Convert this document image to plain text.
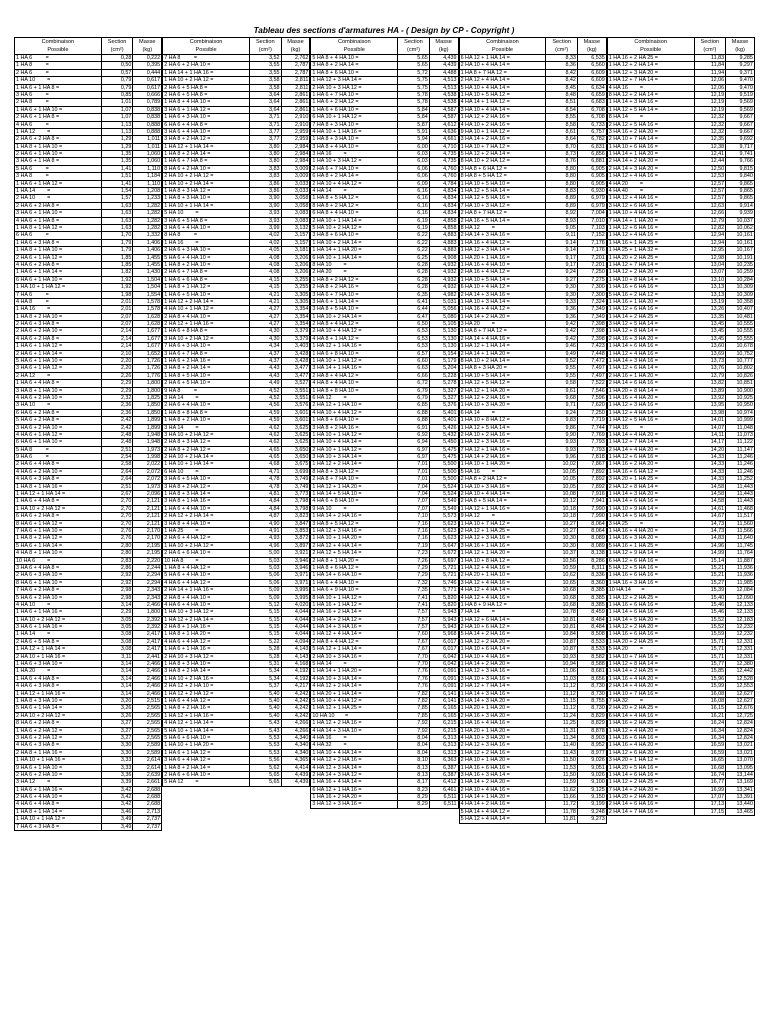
Tableau des sections d'armatures HA - ( Design by CP - Copyright )
Combinaison
Possible
Section
(cm²)
Masse
(kg)
1 HA 6         =	0,28	0,222
1 HA 8         =	0,50	0,395
2 HA 6         =	0,57	0,444
1 HA 10        =	0,79	0,617
1 HA 6 + 1 HA 8 =	0,79	0,617
3 HA 6         =	0,85	0,666
2 HA 8         =	1,01	0,789
1 HA 6 + 1 HA 10 =	1,07	0,838
2 HA 6 + 1 HA 8 =	1,07	0,838
4 HA 6         =	1,13	0,888
1 HA 12        =	1,13	0,888
2 HA 6 + 2 HA 8 =	1,29	1,011
1 HA 8 + 1 HA 10 =	1,29	1,011
2 HA 6 + 1 HA 10 =	1,35	1,060
3 HA 6 + 1 HA 8 =	1,35	1,060
5 HA 6         =	1,41	1,110
3 HA 8         =	1,51	1,184
1 HA 6 + 1 HA 12 =	1,41	1,110
1 HA 14        =	1,54	1,208
2 HA 10        =	1,57	1,233
2 HA 6 + 2 HA 8 =	1,63	1,282
3 HA 6 + 1 HA 10 =	1,63	1,282
4 HA 6 + 1 HA 8 =	1,63	1,282
1 HA 8 + 1 HA 12 =	1,63	1,282
6 HA 6         =	1,70	1,332
1 HA 6 + 3 HA 8 =	1,79	1,406
1 HA 8 + 1 HA 10 =	1,79	1,406
2 HA 6 + 1 HA 12 =	1,85	1,455
4 HA 6 + 2 HA 8 =	1,85	1,455
1 HA 6 + 1 HA 14 =	1,82	1,430
6 HA 6 + 1 HA 10 =	1,92	1,504
1 HA 10 + 1 HA 12 =	1,92	1,504
7 HA 6         =	1,98	1,554
4 HA 8         =	2,01	1,578
1 HA 16        =	2,01	1,578
1 HA 8 + 2 HA 10 =	2,07	1,628
2 HA 6 + 3 HA 8 =	2,07	1,628
2 HA 6 + 2 HA 10 =	2,14	1,677
4 HA 6 + 2 HA 8 =	2,14	1,677
1 HA 6 + 1 HA 12 =	2,14	1,677
2 HA 6 + 1 HA 14 =	2,10	1,652
5 HA 6 + 1 HA 10 =	2,20	1,726
3 HA 6 + 1 HA 12 =	2,20	1,726
2 HA 12        =	2,26	1,776
1 HA 6 + 4 HA 8 =	2,29	1,800
3 HA 8 + 1 HA 10 =	2,29	1,800
4 HA 6 + 2 HA 10 =	2,32	1,825
3 HA 10        =	2,36	1,850
6 HA 6 + 2 HA 8 =	2,36	1,850
5 HA 6 + 2 HA 8 =	2,42	1,899
3 HA 6 + 2 HA 10 =	2,42	1,899
4 HA 6 + 1 HA 12 =	2,48	1,948
6 HA 6 + 1 HA 10 =	2,48	1,948
5 HA 8         =	2,51	1,973
9 HA 6         =	2,54	1,998
2 HA 6 + 4 HA 8 =	2,58	2,022
4 HA 6 + 2 HA 10 =	2,64	2,072
4 HA 6 + 3 HA 8 =	2,64	2,072
1 HA 8 + 1 HA 16 =	2,51	1,973
1 HA 12 + 1 HA 14 =	2,67	2,096
1 HA 6 + 4 HA 8 =	2,70	2,121
1 HA 10 + 2 HA 12 =	2,70	2,121
6 HA 6 + 2 HA 8 =	2,70	2,121
8 HA 6 + 1 HA 12 =	2,70	2,121
7 HA 6 + 1 HA 10 =	2,76	2,170
1 HA 8 + 2 HA 12 =	2,76	2,170
5 HA 6 + 1 HA 14 =	2,80	2,195
4 HA 8 + 1 HA 10 =	2,80	2,195
10 HA 6        =	2,83	2,220
3 HA 6 + 4 HA 8 =	2,86	2,244
2 HA 6 + 3 HA 10 =	2,92	2,294
8 HA 6 + 1 HA 10 =	2,92	2,294
7 HA 6 + 2 HA 8 =	2,98	2,343
5 HA 6 + 2 HA 10 =	2,98	2,343
4 HA 10        =	3,14	2,466
1 HA 6 + 1 HA 16 =	2,29	1,800
1 HA 10 + 2 HA 12 =	3,05	2,392
3 HA 6 + 1 HA 16 =	3,05	2,392
1 HA 14        =	3,08	2,417
2 HA 6 + 5 HA 8 =	3,08	2,417
1 HA 12 + 1 HA 14 =	3,08	2,417
2 HA 10 + 1 HA 16 =	3,11	2,441
1 HA 6 + 3 HA 10 =	3,14	2,466
1 HA 20        =	3,14	2,466
1 HA 6 + 4 HA 8 =	3,14	2,466
4 HA 6 + 3 HA 8 =	3,14	2,466
1 HA 12 + 1 HA 16 =	3,14	2,466
1 HA 8 + 3 HA 10 =	3,20	2,515
5 HA 6 + 1 HA 14 =	3,26	2,565
2 HA 10 + 2 HA 12 =	3,26	2,565
8 HA 6 + 2 HA 8 =	3,27	2,565
1 HA 6 + 2 HA 12 =	3,27	2,565
3 HA 6 + 2 HA 12 =	3,27	2,565
4 HA 6 + 3 HA 8 =	3,30	2,589
2 HA 8 + 1 HA 16 =	3,30	2,589
1 HA 10 + 1 HA 16 =	3,33	2,614
9 HA 6 + 1 HA 10 =	3,33	2,614
2 HA 6 + 2 HA 10 =	3,36	2,639
3 HA 12        =	3,39	2,661
1 HA 6 + 1 HA 16 =	3,42	2,688
2 HA 6 + 4 HA 10 =	3,42	2,688
4 HA 6 + 4 HA 8 =	3,42	2,688
1 HA 8 + 1 HA 14 =	3,46	2,713
1 HA 10 + 1 HA 12 =	3,49	2,737
7 HA 6 + 3 HA 8 =	3,49	2,737
Combinaison
Possible
Section
(cm²)
Masse
(kg)
7 HA 8         =	3,52	2,762
2 HA 6 + 2 HA 10 =	3,55	2,787
1 HA 14 + 1 HA 16 =	3,55	2,787
1 HA 10 + 2 HA 12 =	3,58	2,811
2 HA 6 + 5 HA 8 =	3,58	2,811
2 HA 6 + 5 HA 8 =	3,64	2,861
1 HA 8 + 4 HA 10 =	3,64	2,861
3 HA 6 + 1 HA 12 =	3,64	2,861
1 HA 6 + 3 HA 10 =	3,71	2,910
6 HA 6 + 4 HA 8 =	3,71	2,910
3 HA 6 + 4 HA 10 =	3,77	2,959
3 HA 8 + 2 HA 12 =	3,77	2,959
1 HA 12 + 1 HA 14 =	3,80	2,984
1 HA 8 + 2 HA 14 =	3,80	2,984
1 HA 6 + 7 HA 8 =	3,80	2,984
8 HA 6 + 2 HA 10 =	3,83	3,009
2 HA 10 + 2 HA 12 =	3,83	3,009
1 HA 10 + 2 HA 14 =	3,86	3,033
1 HA 8 + 3 HA 12 =	3,86	3,033
1 HA 8 + 3 HA 10 =	3,90	3,058
1 HA 10 + 1 HA 14 =	3,90	3,058
5 HA 10        =	3,93	3,083
3 HA 6 + 5 HA 8 =	3,93	3,083
3 HA 6 + 4 HA 10 =	3,99	3,132
8 HA 8         =	4,02	3,157
1 HA 16        =	4,02	3,157
2 HA 6 + 3 HA 10 =	4,05	3,181
5 HA 6 + 4 HA 10 =	4,08	3,206
1 HA 8 + 2 HA 10 =	4,08	3,206
2 HA 6 + 7 HA 8 =	4,08	3,206
1 HA 6 + 6 HA 8 =	4,15	3,255
1 HA 8 + 1 HA 12 =	4,15	3,255
1 HA 6 + 5 HA 10 =	4,21	3,305
1 HA 12 + 2 HA 14 =	4,21	3,305
4 HA 10 + 1 HA 12 =	4,27	3,354
2 HA 8 + 4 HA 10 =	4,27	3,354
2 HA 12 + 1 HA 16 =	4,27	3,354
1 HA 6 + 8 HA 8 =	4,30	3,379
3 HA 10 + 2 HA 12 =	4,30	3,379
7 HA 6 + 3 HA 10 =	4,34	3,403
3 HA 6 + 7 HA 8 =	4,37	3,428
1 HA 6 + 2 HA 16 =	4,37	3,428
3 HA 8 + 2 HA 14 =	4,43	3,477
1 HA 8 + 5 HA 10 =	4,43	3,477
2 HA 6 + 5 HA 10 =	4,49	3,527
9 HA 8         =	4,52	3,551
3 HA 14        =	4,52	3,551
2 HA 6 + 4 HA 10 =	4,56	3,576
1 HA 8 + 8 HA 8 =	4,59	3,601
1 HA 8 + 2 HA 10 =	4,59	3,601
3 HA 14        =	4,62	3,625
3 HA 10 + 2 HA 12 =	4,62	3,625
2 HA 8 + 3 HA 12 =	4,62	3,625
2 HA 8 + 2 HA 12 =	4,65	3,650
2 HA 10 + 2 HA 14 =	4,65	3,650
1 HA 10 + 1 HA 14 =	4,68	3,675
6 HA 10        =	4,71	3,699
3 HA 6 + 5 HA 10 =	4,78	3,749
3 HA 8 + 2 HA 12 =	4,78	3,749
1 HA 8 + 3 HA 14 =	4,81	3,773
3 HA 8 + 1 HA 16 =	4,84	3,798
1 HA 6 + 4 HA 10 =	4,84	3,798
2 HA 12 + 2 HA 14 =	4,87	3,823
3 HA 8 + 4 HA 10 =	4,90	3,847
1 HA 25        =	4,91	3,853
2 HA 6 + 4 HA 12 =	4,93	3,872
1 HA 10 + 2 HA 12 =	4,96	3,897
2 HA 6 + 6 HA 10 =	5,00	3,921
10 HA 8        =	5,03	3,946
1 HA 8 + 4 HA 12 =	5,03	3,946
5 HA 6 + 4 HA 10 =	5,06	3,971
4 HA 6 + 4 HA 12 =	5,06	3,971
2 HA 14 + 1 HA 16 =	5,09	3,995
2 HA 8 + 4 HA 10 =	5,09	3,995
4 HA 6 + 4 HA 10 =	5,12	4,020
1 HA 10 + 3 HA 12 =	5,15	4,044
1 HA 12 + 2 HA 14 =	5,15	4,044
2 HA 8 + 1 HA 16 =	5,15	4,044
1 HA 8 + 1 HA 20 =	5,15	4,044
4 HA 6 + 4 HA 12 =	5,22	4,094
1 HA 6 + 1 HA 16 =	5,28	4,143
2 HA 10 + 3 HA 12 =	5,28	4,143
1 HA 8 + 3 HA 10 =	5,31	4,168
3 HA 8 + 2 HA 14 =	5,34	4,192
1 HA 10 + 2 HA 16 =	5,34	4,192
2 HA 12 + 2 HA 10 =	5,37	4,217
1 HA 12 + 2 HA 12 =	5,40	4,242
1 HA 6 + 4 HA 12 =	5,40	4,242
1 HA 8 + 2 HA 16 =	5,40	4,242
1 HA 12 + 1 HA 16 =	5,40	4,242
4 HA 12 + 1 HA 14 =	5,43	4,266
5 HA 10 + 1 HA 14 =	5,43	4,266
5 HA 6 + 6 HA 10 =	5,53	4,340
1 HA 10 + 1 HA 20 =	5,53	4,340
1 HA 6 + 1 HA 12 =	5,53	4,340
3 HA 6 + 4 HA 12 =	5,56	4,365
1 HA 8 + 2 HA 14 =	5,62	4,414
2 HA 6 + 6 HA 10 =	5,65	4,439
5 HA 12        =	5,65	4,439
Combinaison
Possible
Section
(cm²)
Masse
(kg)
5 HA 8 + 4 HA 10 =	5,65	4,439
3 HA 8 + 2 HA 14 =	5,65	4,439
1 HA 8 + 6 HA 10 =	5,72	4,488
1 HA 12 + 3 HA 14 =	5,75	4,513
2 HA 10 + 3 HA 12 =	5,75	4,513
1 HA 6 + 7 HA 10 =	5,78	4,538
1 HA 6 + 2 HA 12 =	5,78	4,538
1 HA 6 + 6 HA 10 =	5,84	4,587
6 HA 10 + 1 HA 12 =	5,84	4,587
7 HA 8 + 3 HA 10 =	5,87	4,612
4 HA 10 + 1 HA 16 =	5,91	4,636
1 HA 8 + 3 HA 10 =	5,94	4,661
3 HA 8 + 4 HA 10 =	6,00	4,710
3 HA 16        =	6,03	4,735
1 HA 10 + 3 HA 12 =	6,03	4,735
2 HA 6 + 7 HA 10 =	6,06	4,760
6 HA 8 + 2 HA 14 =	6,06	4,760
2 HA 10 + 4 HA 12 =	6,09	4,784
4 HA 14        =	6,16	4,834
1 HA 8 + 5 HA 12 =	6,16	4,834
8 HA 8 + 2 HA 12 =	6,16	4,834
6 HA 8 + 4 HA 10 =	6,16	4,834
2 HA 10 + 1 HA 14 =	6,19	4,858
5 HA 10 + 2 HA 12 =	6,19	4,858
3 HA 8 + 6 HA 10 =	6,22	4,883
1 HA 10 + 2 HA 14 =	6,22	4,883
1 HA 14 + 1 HA 20 =	6,22	4,883
6 HA 10 + 1 HA 14 =	6,25	4,908
8 HA 10        =	6,28	4,932
2 HA 20        =	6,28	4,932
1 HA 8 + 2 HA 12 =	6,28	4,932
2 HA 8 + 2 HA 16 =	6,28	4,932
3 HA 6 + 7 HA 10 =	6,35	4,982
3 HA 6 + 1 HA 14 =	6,41	5,031
3 HA 8 + 5 HA 10 =	6,44	5,056
1 HA 10 + 2 HA 14 =	6,47	5,080
2 HA 8 + 4 HA 12 =	6,50	5,105
2 HA 10 + 4 HA 12 =	6,53	5,130
4 HA 8 + 1 HA 12 =	6,53	5,130
1 HA 12 + 1 HA 16 =	6,53	5,130
1 HA 6 + 8 HA 10 =	6,57	5,154
1 HA 10 + 1 HA 12 =	6,60	5,179
3 HA 14 + 1 HA 16 =	6,63	5,204
2 HA 8 + 4 HA 12 =	6,66	5,228
4 HA 8 + 4 HA 10 =	6,72	5,278
1 HA 8 + 8 HA 10 =	6,79	5,327
6 HA 12        =	6,79	5,327
2 HA 12 + 1 HA 10 =	6,85	5,376
4 HA 10 + 4 HA 12 =	6,88	5,401
1 HA 8 + 6 HA 10 =	6,88	5,401
3 HA 8 + 2 HA 16 =	6,91	5,426
1 HA 10 + 1 HA 12 =	6,92	5,432
1 HA 10 + 4 HA 14 =	6,94	5,450
2 HA 10 + 1 HA 12 =	6,97	5,475
3 HA 10 + 3 HA 14 =	6,97	5,475
1 HA 12 + 2 HA 14 =	7,01	5,500
8 HA 8 + 3 HA 12 =	7,01	5,500
2 HA 8 + 7 HA 10 =	7,01	5,500
1 HA 12 + 1 HA 20 =	7,04	5,524
1 HA 14 + 5 HA 10 =	7,04	5,524
4 HA 6 + 8 HA 10 =	7,07	5,549
9 HA 10        =	7,07	5,549
1 HA 14 + 2 HA 16 =	7,10	5,573
3 HA 8 + 5 HA 12 =	7,16	5,623
1 HA 12 + 3 HA 16 =	7,16	5,623
1 HA 10 + 1 HA 20 =	7,16	5,623
2 HA 12 + 4 HA 14 =	7,19	5,647
2 HA 12 + 5 HA 14 =	7,23	5,672
2 HA 8 + 1 HA 20 =	7,26	5,697
1 HA 8 + 6 HA 12 =	7,29	5,721
1 HA 14 + 6 HA 10 =	7,29	5,721
1 HA 6 + 4 HA 10 =	7,32	5,746
1 HA 6 + 9 HA 10 =	7,35	5,771
8 HA 10 + 1 HA 12 =	7,41	5,820
1 HA 16 + 1 HA 12 =	7,41	5,820
2 HA 16 + 2 HA 14 =	7,57	5,943
3 HA 14 + 2 HA 12 =	7,57	5,943
1 HA 14 + 3 HA 16 =	7,57	5,943
1 HA 12 + 4 HA 14 =	7,60	5,968
2 HA 8 + 4 HA 12 =	7,67	6,017
5 HA 12 + 1 HA 14 =	7,67	6,017
2 HA 10 + 3 HA 16 =	7,70	6,042
5 HA 14        =	7,70	6,042
1 HA 14 + 1 HA 20 =	7,76	6,091
4 HA 10 + 3 HA 14 =	7,76	6,091
4 HA 12 + 2 HA 14 =	7,76	6,091
1 HA 20 + 1 HA 14 =	7,82	6,141
5 HA 10 + 4 HA 12 =	7,82	6,141
1 HA 12 + 1 HA 25 =	7,85	6,165
10 HA 10       =	7,85	6,165
1 HA 12 + 2 HA 16 =	7,92	6,215
4 HA 14 + 3 HA 10 =	7,92	6,215
4 HA 16        =	8,04	6,313
4 HA 32        =	8,04	6,313
1 HA 10 + 4 HA 14 =	8,04	6,313
4 HA 12 + 2 HA 16 =	8,10	6,363
4 HA 12 + 3 HA 14 =	8,13	6,387
2 HA 14 + 3 HA 12 =	8,13	6,387
1 HA 16 + 4 HA 14 =	8,17	6,412
6 HA 12 + 1 HA 16 =	8,23	6,461
1 HA 16 + 2 HA 20 =	8,29	6,511
3 HA 12 + 3 HA 16 =	8,29	6,511
Combinaison
Possible
Section
(cm²)
Masse
(kg)
6 HA 12 + 1 HA 14 =	8,33	6,535
2 HA 10 + 4 HA 14 =	8,36	6,560
1 HA 8 + 7 HA 12 =	8,42	6,609
2 HA 12 + 4 HA 14 =	8,42	6,609
5 HA 10 + 4 HA 14 =	8,45	6,634
1 HA 10 + 5 HA 12 =	8,48	6,659
4 HA 14 + 1 HA 12 =	8,51	6,683
3 HA 10 + 4 HA 14 =	8,54	6,708
1 HA 12 + 2 HA 16 =	8,55	6,708
4 HA 10 + 2 HA 16 =	8,58	6,733
9 HA 10 + 1 HA 12 =	8,61	6,757
3 HA 14 + 2 HA 16 =	8,64	6,782
1 HA 10 + 7 HA 12 =	8,70	6,831
5 HA 12 + 2 HA 14 =	8,73	6,856
8 HA 10 + 2 HA 12 =	8,76	6,881
3 HA 8 + 6 HA 12 =	8,80	6,905
8 HA 8 + 5 HA 12 =	8,80	6,905
1 HA 10 + 5 HA 10 =	8,80	6,905
1 HA 12 + 5 HA 14 =	8,83	6,930
1 HA 12 + 5 HA 16 =	8,89	6,979
7 HA 10 + 3 HA 12 =	8,89	6,979
2 HA 8 + 7 HA 12 =	8,92	7,004
2 HA 16 + 5 HA 14 =	8,93	7,010
8 HA 12        =	9,05	7,103
2 HA 14 + 3 HA 16 =	9,11	7,152
1 HA 16 + 4 HA 12 =	9,14	7,176
1 HA 12 + 3 HA 14 =	9,14	7,176
1 HA 20 + 1 HA 16 =	9,17	7,201
1 HA 16 + 4 HA 10 =	9,17	7,201
2 HA 16 + 4 HA 12 =	9,24	7,250
1 HA 10 + 5 HA 14 =	9,27	7,275
6 HA 10 + 4 HA 12 =	9,30	7,300
2 HA 14 + 3 HA 16 =	9,30	7,300
1 HA 10 + 3 HA 14 =	9,33	7,324
1 HA 16 + 4 HA 12 =	9,36	7,349
1 HA 14 + 2 HA 20 =	9,36	7,349
3 HA 20        =	9,42	7,398
1 HA 8 + 7 HA 12 =	9,42	7,398
2 HA 14 + 4 HA 16 =	9,42	7,398
1 HA 12 + 1 HA 14 =	9,46	7,423
2 HA 14 + 1 HA 20 =	9,49	7,448
8 HA 10 + 2 HA 14 =	9,52	7,472
1 HA 8 + 3 HA 20 =	9,55	7,497
1 HA 10 + 5 HA 14 =	9,55	7,497
1 HA 12 + 5 HA 12 =	9,58	7,522
2 HA 12 + 1 HA 20 =	9,61	7,546
5 HA 12 + 2 HA 16 =	9,68	7,596
1 HA 10 + 3 HA 20 =	9,71	7,620
6 HA 14        =	9,24	7,250
1 HA 10 + 8 HA 12 =	9,83	7,719
1 HA 12 + 5 HA 14 =	9,86	7,744
2 HA 10 + 2 HA 16 =	9,90	7,769
1 HA 12 + 3 HA 16 =	9,93	7,793
7 HA 12 + 1 HA 16 =	9,93	7,793
1 HA 14 + 2 HA 16 =	9,96	7,818
1 HA 10 + 1 HA 20 =	10,02	7,867
5 HA 16        =	10,05	7,892
2 HA 8 + 2 HA 12 =	10,05	7,892
1 HA 10 + 3 HA 16 =	10,05	7,892
2 HA 10 + 4 HA 14 =	10,08	7,916
2 HA 8 + 5 HA 14 =	10,12	7,941
1 HA 12 + 1 HA 16 =	10,18	7,990
9 HA 12        =	10,18	7,990
1 HA 10 + 7 HA 12 =	10,27	8,064
2 HA 12 + 1 HA 25 =	10,27	8,064
2 HA 12 + 3 HA 16 =	10,30	8,089
3 HA 16 + 1 HA 16 =	10,30	8,089
1 HA 12 + 1 HA 20 =	10,37	8,138
1 HA 10 + 8 HA 12 =	10,56	8,286
1 HA 12 + 4 HA 16 =	10,59	8,311
2 HA 20 + 1 HA 10 =	10,62	8,336
3 HA 12 + 4 HA 16 =	10,65	8,360
4 HA 12 + 4 HA 14 =	10,68	8,385
4 HA 12 + 4 HA 16 =	10,68	8,385
1 HA 8 + 9 HA 12 =	10,68	8,385
7 HA 14        =	10,78	8,459
1 HA 12 + 6 HA 14 =	10,81	8,484
2 HA 10 + 6 HA 12 =	10,81	8,484
5 HA 14 + 2 HA 16 =	10,84	8,508
1 HA 12 + 2 HA 20 =	10,87	8,533
1 HA 10 + 6 HA 14 =	10,87	8,533
1 HA 10 + 4 HA 16 =	10,93	8,582
1 HA 14 + 2 HA 20 =	10,94	8,588
1 HA 12 + 3 HA 16 =	11,06	8,681
3 HA 10 + 3 HA 16 =	11,03	8,656
2 HA 12 + 7 HA 14 =	11,12	8,730
1 HA 14 + 3 HA 16 =	11,12	8,730
3 HA 14 + 3 HA 20 =	11,15	8,755
1 HA 20 + 1 HA 20 =	11,12	8,730
2 HA 16 + 3 HA 20 =	11,24	8,829
1 HA 16 + 4 HA 16 =	11,25	8,829
1 HA 20 + 1 HA 20 =	11,31	8,878
4 HA 10 + 3 HA 20 =	11,34	8,903
2 HA 12 + 3 HA 16 =	11,40	8,952
1 HA 12 + 2 HA 16 =	11,43	8,977
2 HA 10 + 1 HA 20 =	11,50	9,026
1 HA 16 + 6 HA 16 =	11,53	9,051
3 HA 16 + 3 HA 14 =	11,50	9,026
1 HA 14 + 2 HA 20 =	11,59	9,100
2 HA 10 + 4 HA 16 =	11,62	9,125
1 HA 14 + 1 HA 20 =	11,66	9,150
4 HA 14 + 2 HA 16 =	11,72	9,199
5 HA 14 + 4 HA 12 =	11,78	9,248
5 HA 12 + 4 HA 14 =	11,81	9,273
Combinaison
Possible
Section
(cm²)
Masse
(kg)
1 HA 16 + 2 HA 25 =	11,83	9,285
1 HA 12 + 2 HA 14 =	11,84	9,297
1 HA 12 + 3 HA 20 =	11,94	9,371
1 HA 12 + 7 HA 14 =	12,06	9,470
4 HA 16        =	12,06	9,470
8 HA 12 + 2 HA 14 =	12,19	9,519
1 HA 14 + 3 HA 16 =	12,19	9,569
1 HA 12 + 5 HA 14 =	12,19	9,569
8 HA 14        =	12,32	9,667
2 HA 12 + 5 HA 16 =	12,32	9,667
3 HA 16 + 2 HA 20 =	12,32	9,667
2 HA 10 + 7 HA 14 =	12,35	9,692
1 HA 10 + 6 HA 16 =	12,38	9,717
1 HA 14 + 1 HA 20 =	12,41	9,741
2 HA 14 + 2 HA 20 =	12,44	9,766
2 HA 14 + 3 HA 20 =	12,50	9,815
1 HA 12 + 4 HA 16 =	12,53	9,840
4 HA 20        =	12,57	9,865
4 HA 40        =	12,57	9,865
1 HA 12 + 4 HA 16 =	12,57	9,865
3 HA 12 + 6 HA 16 =	12,63	9,914
1 HA 10 + 4 HA 16 =	12,66	9,939
7 HA 14 + 1 HA 20 =	12,79	10,037
1 HA 12 + 6 HA 16 =	12,82	10,062
1 HA 12 + 4 HA 16 =	12,94	10,161
1 HA 16 + 1 HA 25 =	12,94	10,161
1 HA 25 + 1 HA 32 =	12,95	10,167
1 HA 20 + 2 HA 25 =	12,98	10,191
1 HA 12 + 7 HA 14 =	13,04	10,235
1 HA 12 + 2 HA 20 =	13,07	10,259
1 HA 10 + 8 HA 14 =	13,10	10,284
1 HA 16 + 6 HA 16 =	13,13	10,309
5 HA 16 + 2 HA 12 =	13,13	10,309
1 HA 16 + 1 HA 20 =	13,19	10,358
1 HA 12 + 6 HA 16 =	13,26	10,407
1 HA 14 + 2 HA 25 =	13,35	10,481
3 HA 12 + 5 HA 14 =	13,45	10,555
1 HA 12 + 8 HA 14 =	13,45	10,555
2 HA 16 + 3 HA 20 =	13,45	10,555
1 HA 14 + 6 HA 16 =	13,60	10,678
1 HA 12 + 4 HA 16 =	13,69	10,752
1 HA 14 + 3 HA 16 =	13,73	10,777
1 HA 12 + 6 HA 14 =	13,76	10,802
2 HA 16 + 1 HA 20 =	13,79	10,826
2 HA 14 + 6 HA 16 =	13,82	10,851
1 HA 20 + 8 HA 14 =	13,89	10,900
1 HA 16 + 4 HA 20 =	13,92	10,925
1 HA 12 + 3 HA 16 =	13,95	10,950
1 HA 12 + 4 HA 14 =	13,98	10,974
1 HA 12 + 5 HA 16 =	14,01	10,999
7 HA 16        =	14,07	11,048
1 HA 14 + 4 HA 20 =	14,11	11,073
1 HA 12 + 7 HA 14 =	14,17	11,122
2 HA 14 + 4 HA 20 =	14,20	11,147
1 HA 12 + 6 HA 16 =	14,33	11,246
1 HA 16 + 2 HA 20 =	14,33	11,246
1 HA 16 + 6 HA 12 =	14,33	11,246
3 HA 20 + 1 HA 25 =	14,33	11,252
2 HA 12 + 8 HA 14 =	14,58	11,443
1 HA 14 + 3 HA 20 =	14,58	11,443
1 HA 14 + 6 HA 16 =	14,58	11,443
1 HA 10 + 9 HA 14 =	14,61	11,468
1 HA 14 + 5 HA 16 =	14,67	11,517
3 HA 25        =	14,73	11,560
1 HA 16 + 4 HA 20 =	14,73	11,566
1 HA 16 + 3 HA 20 =	14,83	11,640
5 HA 16 + 1 HA 25 =	14,96	11,745
1 HA 12 + 9 HA 14 =	14,99	11,764
6 HA 12 + 6 HA 16 =	15,14	11,887
5 HA 12 + 5 HA 16 =	15,21	11,936
1 HA 16 + 6 HA 16 =	15,21	11,936
1 HA 16 + 3 HA 16 =	15,27	11,985
10 HA 14       =	15,39	12,084
1 HA 12 + 2 HA 25 =	15,40	12,090
1 HA 16 + 6 HA 16 =	15,46	12,133
1 HA 14 + 6 HA 16 =	15,46	12,133
1 HA 14 + 5 HA 20 =	15,52	12,183
1 HA 12 + 2 HA 20 =	15,52	12,232
1 HA 16 + 6 HA 16 =	15,59	12,232
1 HA 20 + 2 HA 25 =	15,71	12,331
5 HA 20        =	15,71	12,331
1 HA 10 + 7 HA 16 =	15,71	12,331
1 HA 12 + 8 HA 14 =	15,77	12,380
1 HA 14 + 2 HA 25 =	15,85	12,442
1 HA 16 + 4 HA 20 =	15,96	12,528
2 HA 14 + 4 HA 20 =	15,99	12,553
1 HA 10 + 7 HA 16 =	16,08	12,627
7 HA 32        =	16,08	12,627
2 HA 20 + 2 HA 25 =	16,15	12,676
6 HA 14 + 4 HA 16 =	16,21	12,725
1 HA 16 + 2 HA 25 =	16,24	12,824
1 HA 12 + 4 HA 20 =	16,34	12,824
1 HA 16 + 6 HA 16 =	16,34	12,824
1 HA 16 + 4 HA 20 =	16,59	13,021
1 HA 12 + 6 HA 20 =	16,59	13,021
3 HA 20 + 1 HA 12 =	16,65	13,070
1 HA 20 + 5 HA 16 =	16,68	13,095
1 HA 14 + 6 HA 16 =	16,74	13,144
1 HA 12 + 2 HA 25 =	16,77	13,169
7 HA 14 + 2 HA 20 =	16,99	13,341
1 HA 20 + 2 HA 20 =	17,07	13,391
2 HA 14 + 6 HA 16 =	17,13	13,440
2 HA 14 + 7 HA 16 =	17,15	13,465
